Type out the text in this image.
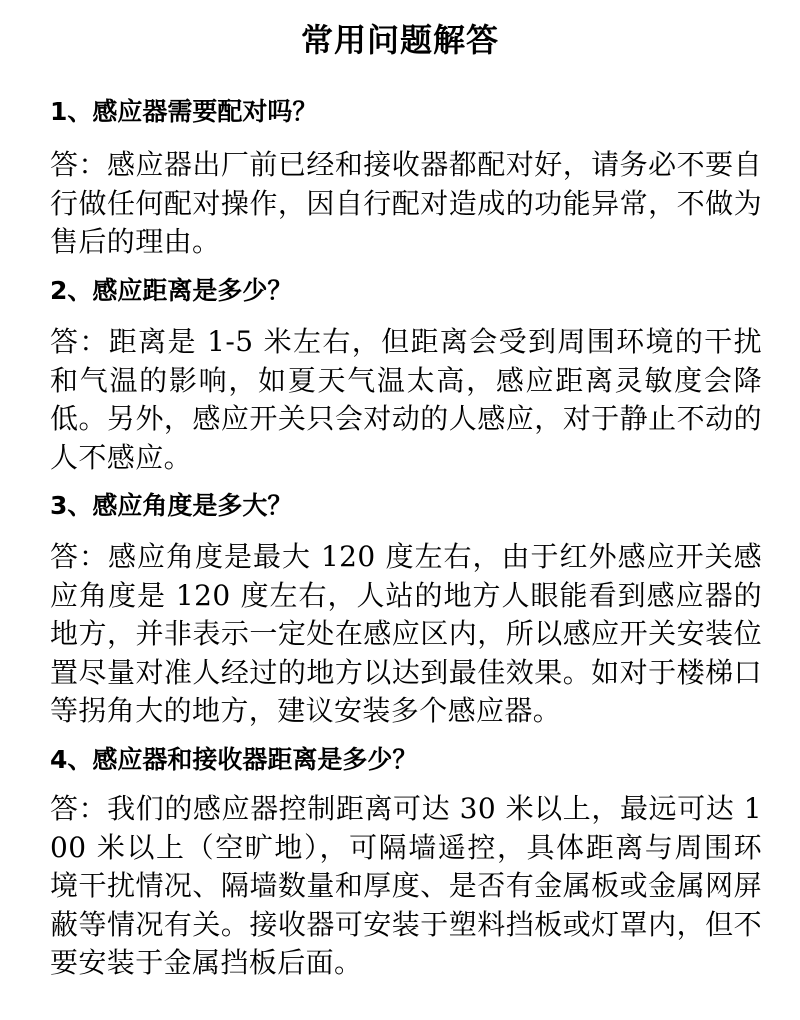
常用问题解答
1、感应器需要配对吗？
答：感应器出厂前已经和接收器都配对好，请务必不要自行做任何配对操作，因自行配对造成的功能异常，不做为售后的理由。
2、感应距离是多少？
答：距离是 1-5 米左右，但距离会受到周围环境的干扰和气温的影响，如夏天气温太高，感应距离灵敏度会降低。另外，感应开关只会对动的人感应，对于静止不动的人不感应。
3、感应角度是多大？
答：感应角度是最大 120 度左右，由于红外感应开关感应角度是 120 度左右，人站的地方人眼能看到感应器的地方，并非表示一定处在感应区内，所以感应开关安装位置尽量对准人经过的地方以达到最佳效果。如对于楼梯口等拐角大的地方，建议安装多个感应器。
4、感应器和接收器距离是多少？
答：我们的感应器控制距离可达 30 米以上，最远可达 100 米以上（空旷地），可隔墙遥控，具体距离与周围环境干扰情况、隔墙数量和厚度、是否有金属板或金属网屏蔽等情况有关。接收器可安装于塑料挡板或灯罩内，但不要安装于金属挡板后面。
